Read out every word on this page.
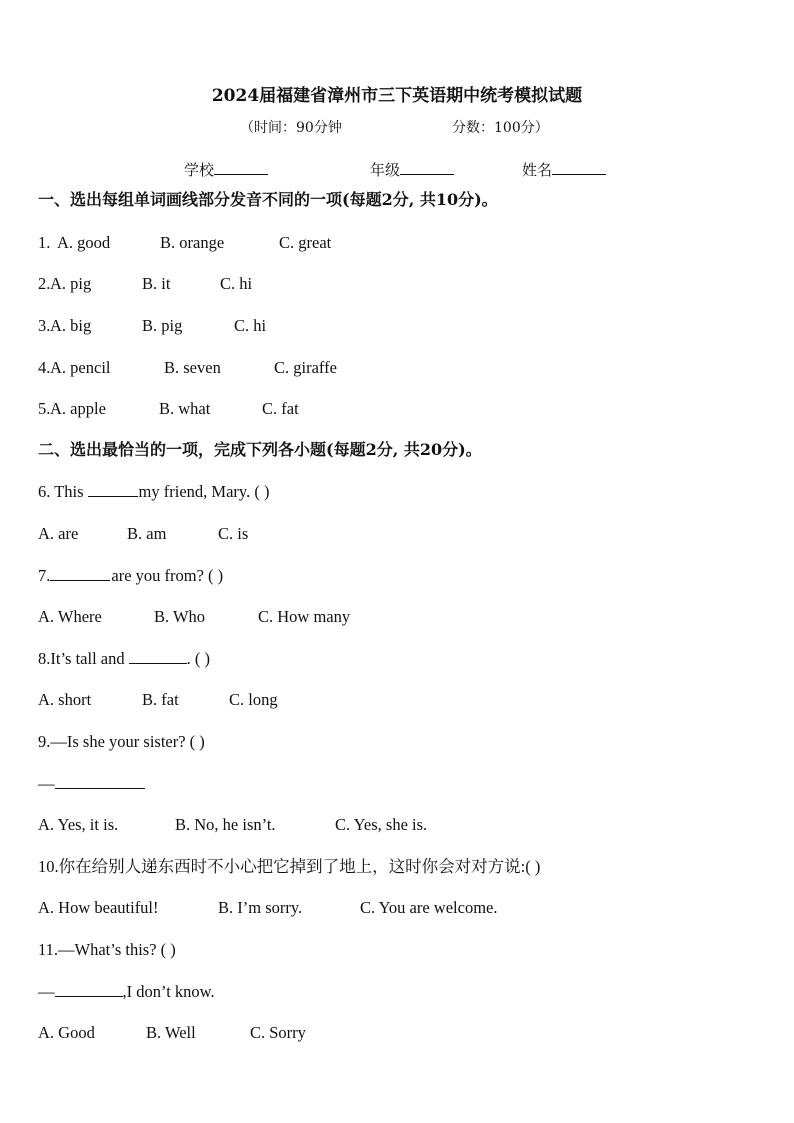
2024届福建省漳州市三下英语期中统考模拟试题
（时间：90分钟	分数：100分）
学校	年级	姓名
一、选出每组单词画线部分发音不同的一项(每题2分, 共10分)。
1. A. good	B. orange	C. great
2. A. pig	B. it	C. hi
3. A. big	B. pig	C. hi
4. A. pencil	B. seven	C. giraffe
5. A. apple	B. what	C. fat
二、选出最恰当的一项，完成下列各小题(每题2分, 共20分)。
6. This	my friend, Mary. ( )
A. are	B. am	C. is
7.	are you from? ( )
A. Where	B. Who	C. How many
8.It’s tall and	. ( )
A. short	B. fat	C. long
9.—Is she your sister? ( )
—
A. Yes, it is.	B. No, he isn’t.	C. Yes, she is.
10.你在给别人递东西时不小心把它掉到了地上，这时你会对对方说:( )
A. How beautiful!	B. I’m sorry.	C. You are welcome.
11.—What’s this? ( )
—	,I don’t know.
A. Good	B. Well	C. Sorry
